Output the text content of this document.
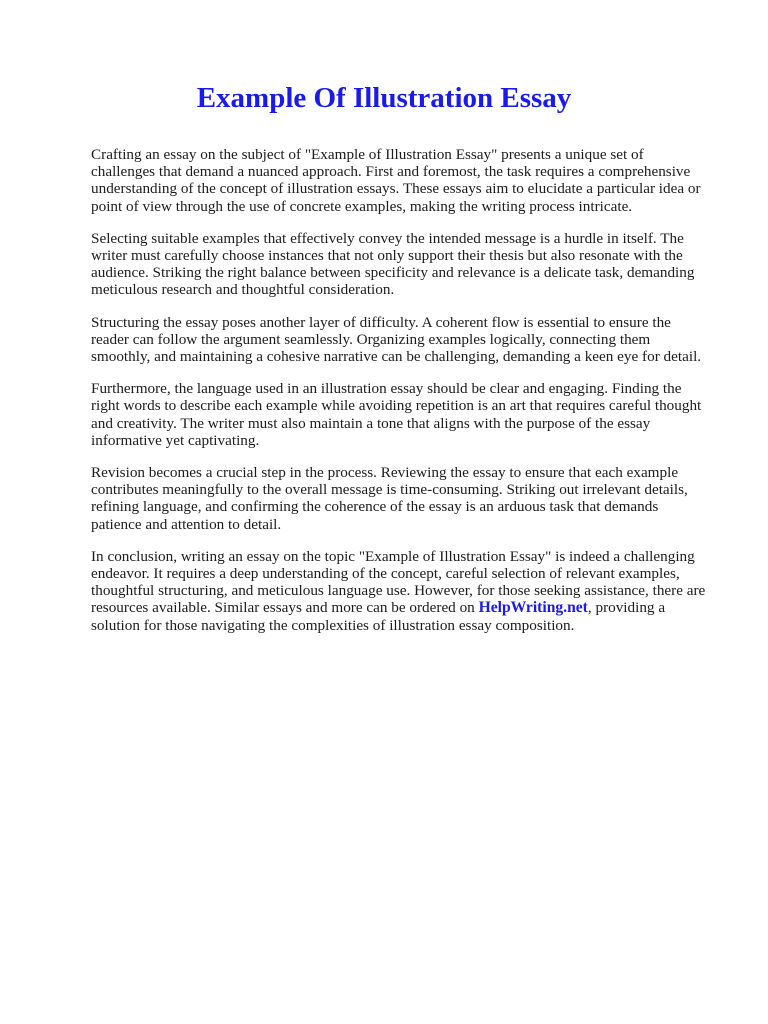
Example Of Illustration Essay

Crafting an essay on the subject of "Example of Illustration Essay" presents a unique set of
challenges that demand a nuanced approach. First and foremost, the task requires a comprehensive
understanding of the concept of illustration essays. These essays aim to elucidate a particular idea or
point of view through the use of concrete examples, making the writing process intricate.

Selecting suitable examples that effectively convey the intended message is a hurdle in itself. The
writer must carefully choose instances that not only support their thesis but also resonate with the
audience. Striking the right balance between specificity and relevance is a delicate task, demanding
meticulous research and thoughtful consideration.

Structuring the essay poses another layer of difficulty. A coherent flow is essential to ensure the
reader can follow the argument seamlessly. Organizing examples logically, connecting them
smoothly, and maintaining a cohesive narrative can be challenging, demanding a keen eye for detail.

Furthermore, the language used in an illustration essay should be clear and engaging. Finding the
right words to describe each example while avoiding repetition is an art that requires careful thought
and creativity. The writer must also maintain a tone that aligns with the purpose of the essay
informative yet captivating.

Revision becomes a crucial step in the process. Reviewing the essay to ensure that each example
contributes meaningfully to the overall message is time-consuming. Striking out irrelevant details,
refining language, and confirming the coherence of the essay is an arduous task that demands
patience and attention to detail.

In conclusion, writing an essay on the topic "Example of Illustration Essay" is indeed a challenging
endeavor. It requires a deep understanding of the concept, careful selection of relevant examples,
thoughtful structuring, and meticulous language use. However, for those seeking assistance, there are
resources available. Similar essays and more can be ordered on HelpWriting.net, providing a
solution for those navigating the complexities of illustration essay composition.
